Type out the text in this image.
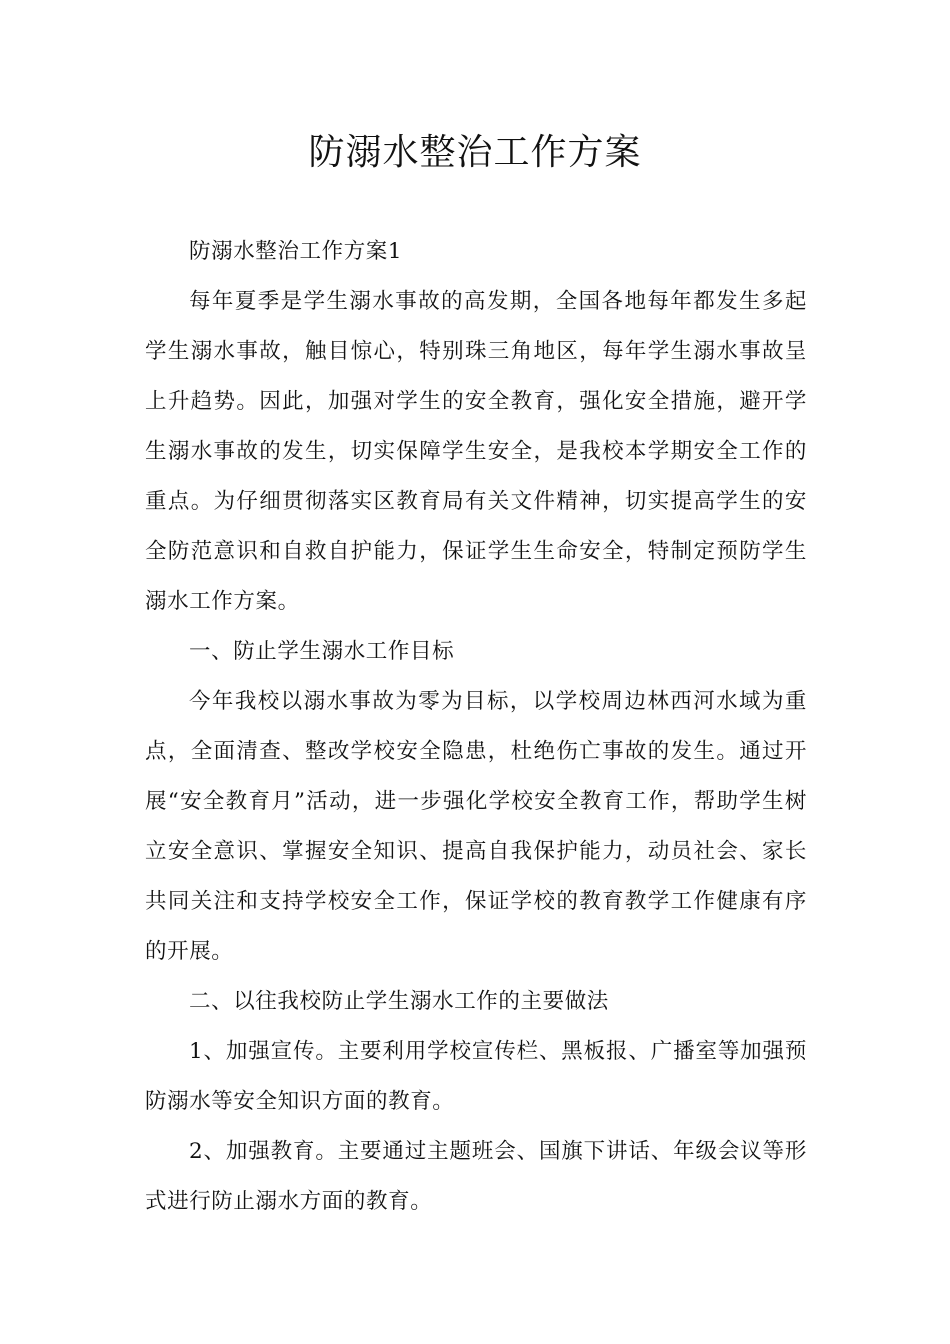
防溺水整治工作方案

防溺水整治工作方案1

每年夏季是学生溺水事故的高发期，全国各地每年都发生多起学生溺水事故，触目惊心，特别珠三角地区，每年学生溺水事故呈上升趋势。因此，加强对学生的安全教育，强化安全措施，避开学生溺水事故的发生，切实保障学生安全，是我校本学期安全工作的重点。为仔细贯彻落实区教育局有关文件精神，切实提高学生的安全防范意识和自救自护能力，保证学生生命安全，特制定预防学生溺水工作方案。

一、防止学生溺水工作目标

今年我校以溺水事故为零为目标，以学校周边林西河水域为重点，全面清查、整改学校安全隐患，杜绝伤亡事故的发生。通过开展“安全教育月”活动，进一步强化学校安全教育工作，帮助学生树立安全意识、掌握安全知识、提高自我保护能力，动员社会、家长共同关注和支持学校安全工作，保证学校的教育教学工作健康有序的开展。

二、以往我校防止学生溺水工作的主要做法

1、加强宣传。主要利用学校宣传栏、黑板报、广播室等加强预防溺水等安全知识方面的教育。

2、加强教育。主要通过主题班会、国旗下讲话、年级会议等形式进行防止溺水方面的教育。
